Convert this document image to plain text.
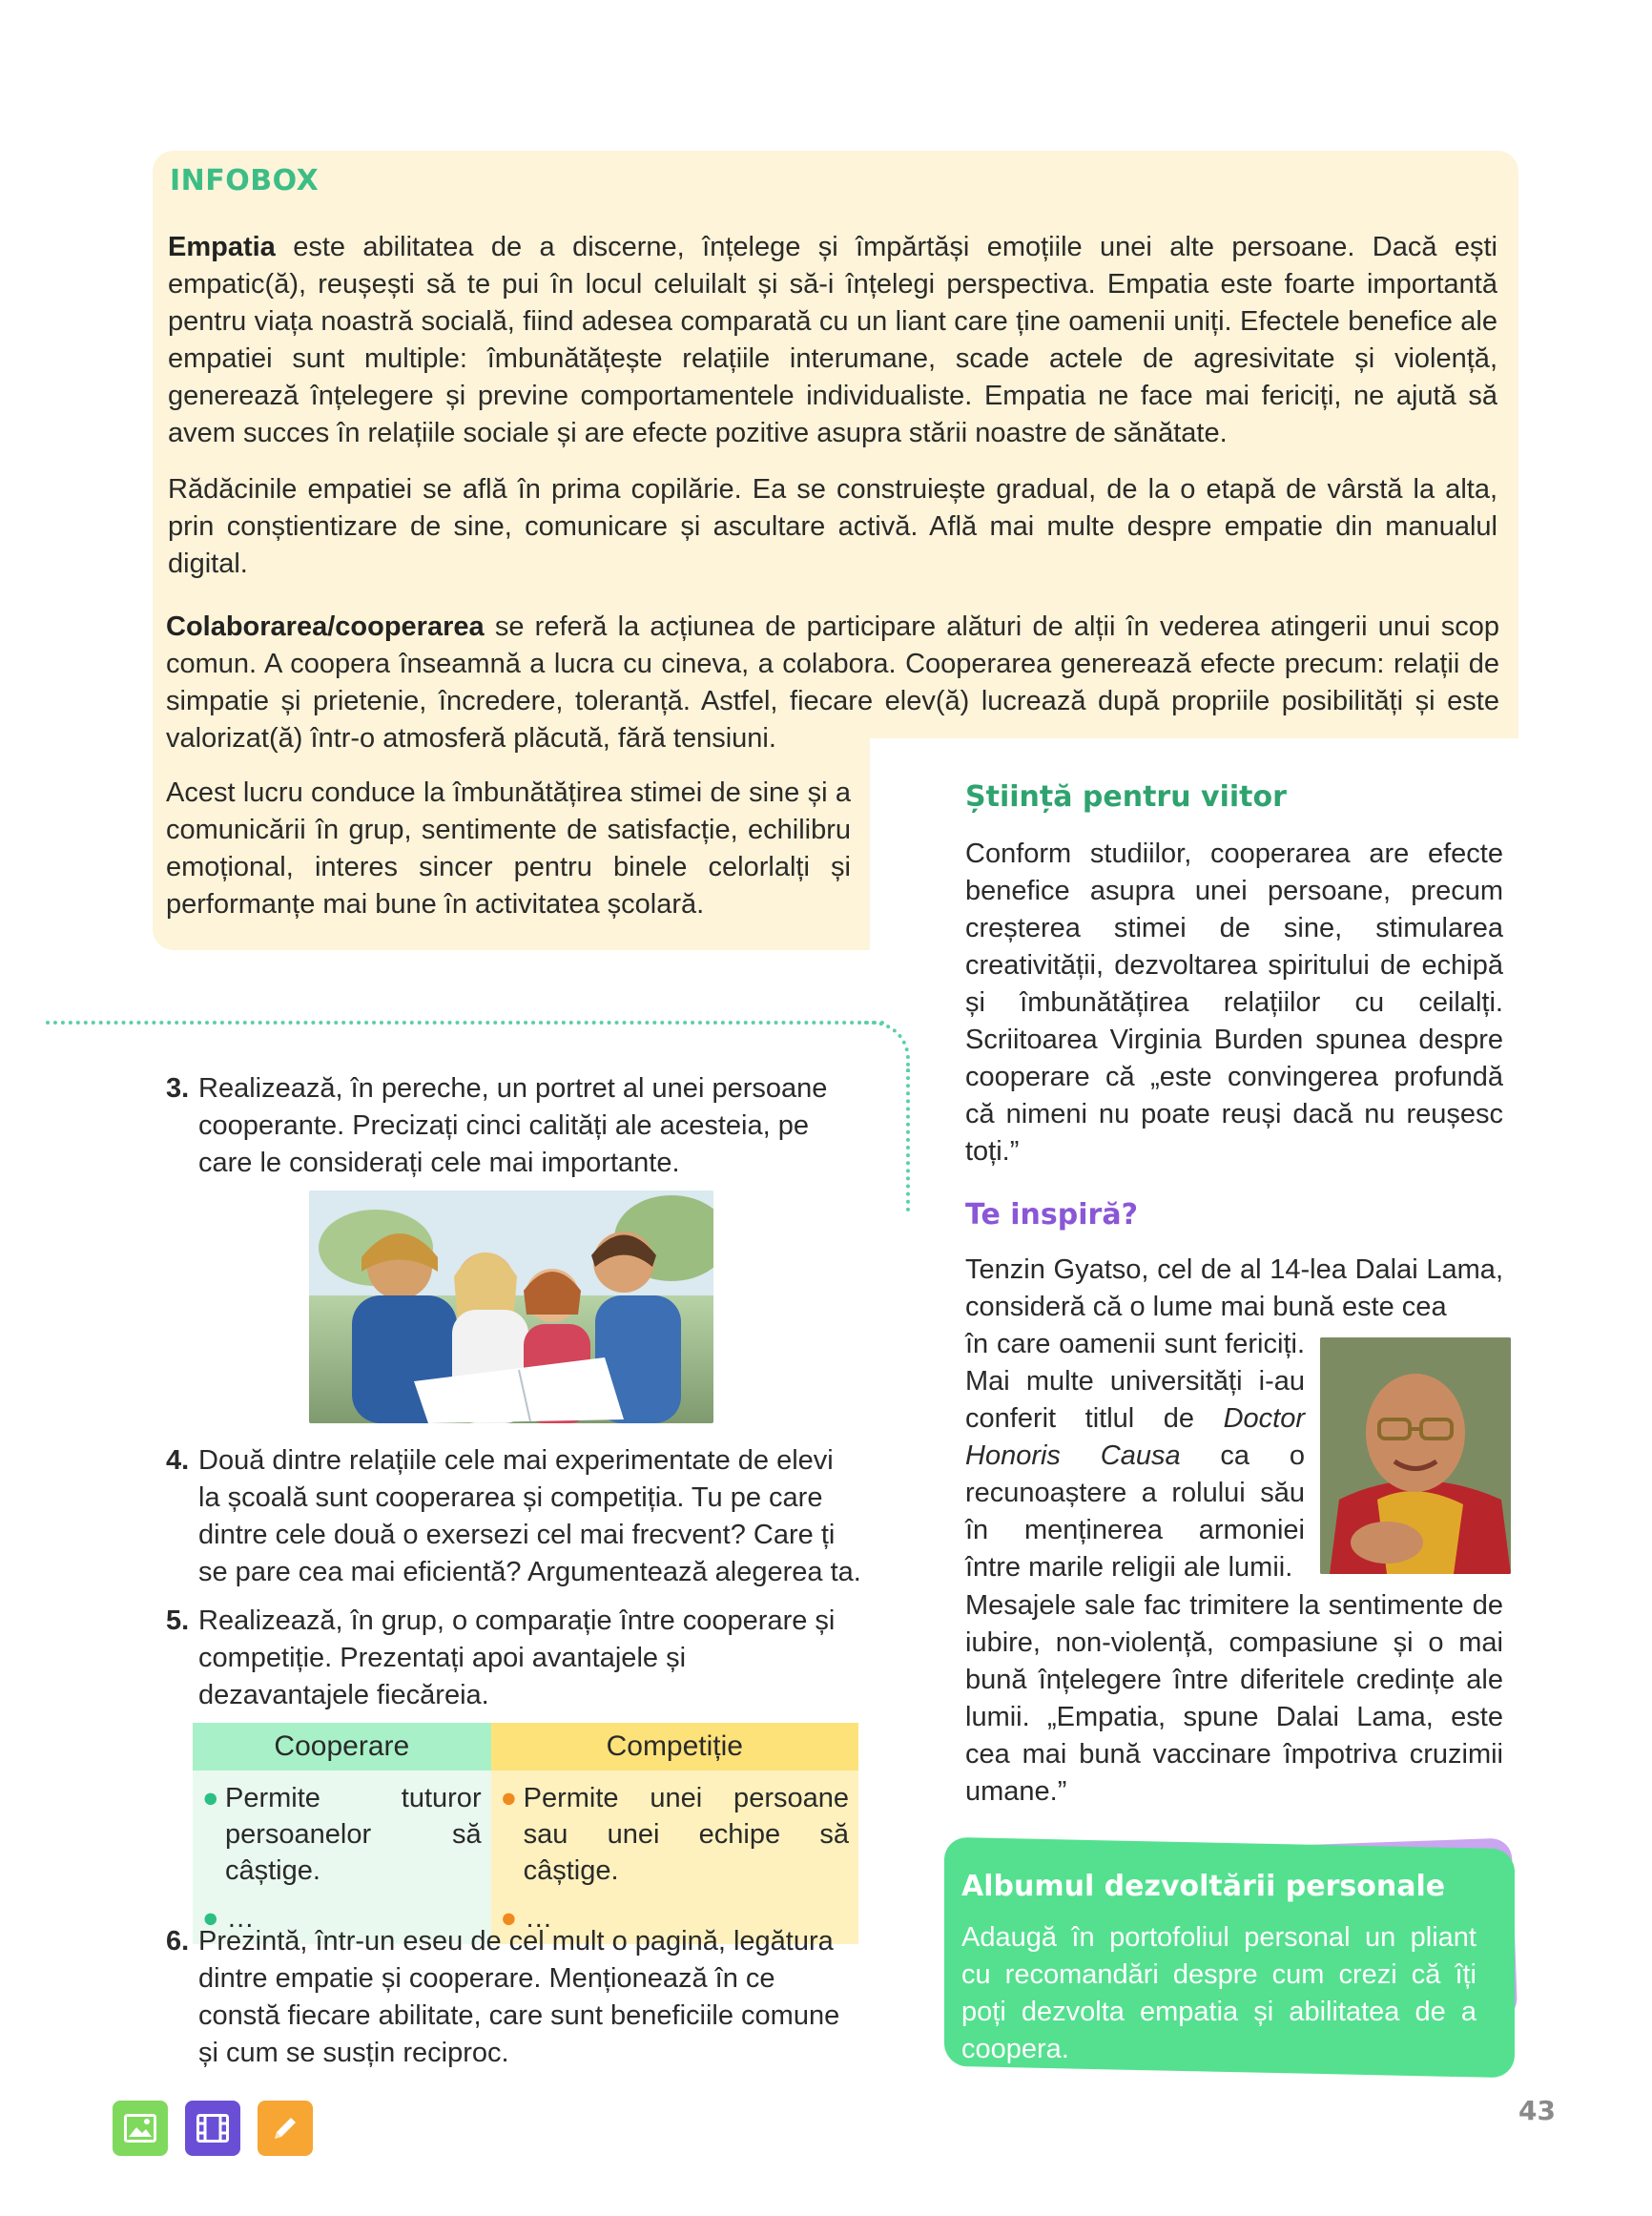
INFOBOX
Empatia este abilitatea de a discerne, înțelege și împărtăși emoțiile unei alte persoane. Dacă ești empatic(ă), reușești să te pui în locul celuilalt și să-i înțelegi perspectiva. Empatia este foarte importantă pentru viața noastră socială, fiind adesea comparată cu un liant care ține oamenii uniți. Efectele benefice ale empatiei sunt multiple: îmbunătățește relațiile interumane, scade actele de agresivitate și violență, generează înțelegere și previne comportamentele individualiste. Empatia ne face mai fericiți, ne ajută să avem succes în relațiile sociale și are efecte pozitive asupra stării noastre de sănătate.
Rădăcinile empatiei se află în prima copilărie. Ea se construiește gradual, de la o etapă de vârstă la alta, prin conștientizare de sine, comunicare și ascultare activă. Află mai multe despre empatie din manualul digital.
Colaborarea/cooperarea se referă la acțiunea de participare alături de alții în vederea atingerii unui scop comun. A coopera înseamnă a lucra cu cineva, a colabora. Cooperarea generează efecte precum: relații de simpatie și prietenie, încredere, toleranță. Astfel, fiecare elev(ă) lucrează după propriile posibilități și este valorizat(ă) într-o atmosferă plăcută, fără tensiuni.
Acest lucru conduce la îmbunătățirea stimei de sine și a comunicării în grup, sentimente de satisfacție, echilibru emoțional, interes sincer pentru binele celorlalți și performanțe mai bune în activitatea școlară.
3. Realizează, în pereche, un portret al unei persoane cooperante. Precizați cinci calități ale acesteia, pe care le considerați cele mai importante.
4. Două dintre relațiile cele mai experimentate de elevi la școală sunt cooperarea și competiția. Tu pe care dintre cele două o exersezi cel mai frecvent? Care ți se pare cea mai eficientă? Argumentează alegerea ta.
5. Realizează, în grup, o comparație între cooperare și competiție. Prezentați apoi avantajele și dezavantajele fiecăreia.
Cooperare	Competiție

● Permite tuturor persoanelor să câștige.	● Permite unei persoane sau unei echipe să câștige.

● …	● …
6. Prezintă, într-un eseu de cel mult o pagină, legătura dintre empatie și cooperare. Menționează în ce constă fiecare abilitate, care sunt beneficiile comune și cum se susțin reciproc.
Știință pentru viitor
Conform studiilor, cooperarea are efecte benefice asupra unei persoane, precum creșterea stimei de sine, stimularea creativității, dezvoltarea spiritului de echipă și îmbunătățirea relațiilor cu ceilalți. Scriitoarea Virginia Burden spunea despre cooperare că „este convingerea profundă că nimeni nu poate reuși dacă nu reușesc toți.”
Te inspiră?
Tenzin Gyatso, cel de al 14-lea Dalai Lama, consideră că o lume mai bună este cea
în care oamenii sunt fericiți. Mai multe universități i-au conferit titlul de Doctor Honoris Causa ca o recunoaștere a rolului său în menținerea armoniei între marile religii ale lumii.
Mesajele sale fac trimitere la sentimente de iubire, non-violență, compasiune și o mai bună înțelegere între diferitele credințe ale lumii. „Empatia, spune Dalai Lama, este cea mai bună vaccinare împotriva cruzimii umane.”
Albumul dezvoltării personale
Adaugă în portofoliul personal un pliant cu recomandări despre cum crezi că îți poți dezvolta empatia și abilitatea de a coopera.
43
